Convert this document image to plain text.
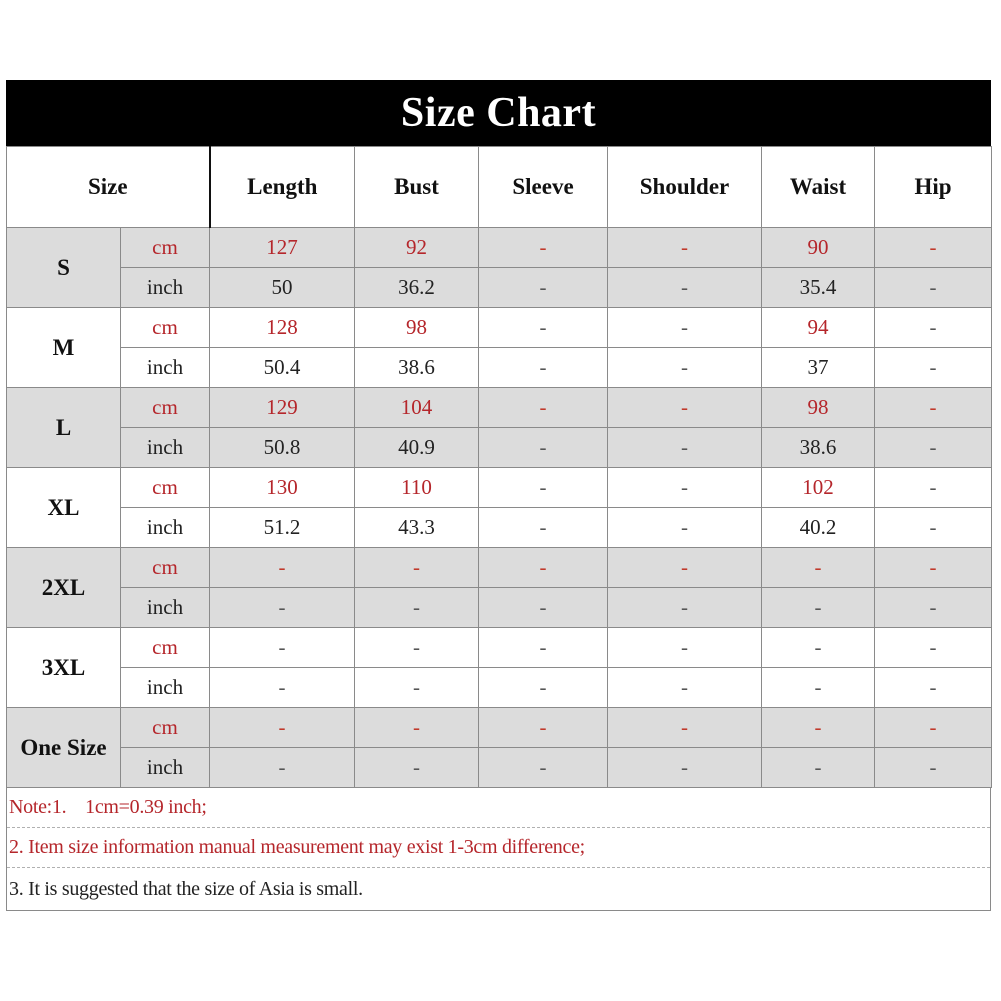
Size Chart
Size		Length	Bust	Sleeve	Shoulder	Waist	Hip
S	cm	127	92	-	-	90	-
	inch	50	36.2	-	-	35.4	-
M	cm	128	98	-	-	94	-
	inch	50.4	38.6	-	-	37	-
L	cm	129	104	-	-	98	-
	inch	50.8	40.9	-	-	38.6	-
XL	cm	130	110	-	-	102	-
	inch	51.2	43.3	-	-	40.2	-
2XL	cm	-	-	-	-	-	-
	inch	-	-	-	-	-	-
3XL	cm	-	-	-	-	-	-
	inch	-	-	-	-	-	-
One Size	cm	-	-	-	-	-	-
	inch	-	-	-	-	-	-
Note:1.    1cm=0.39 inch;
2. Item size information manual measurement may exist 1-3cm difference;
3. It is suggested that the size of Asia is small.
